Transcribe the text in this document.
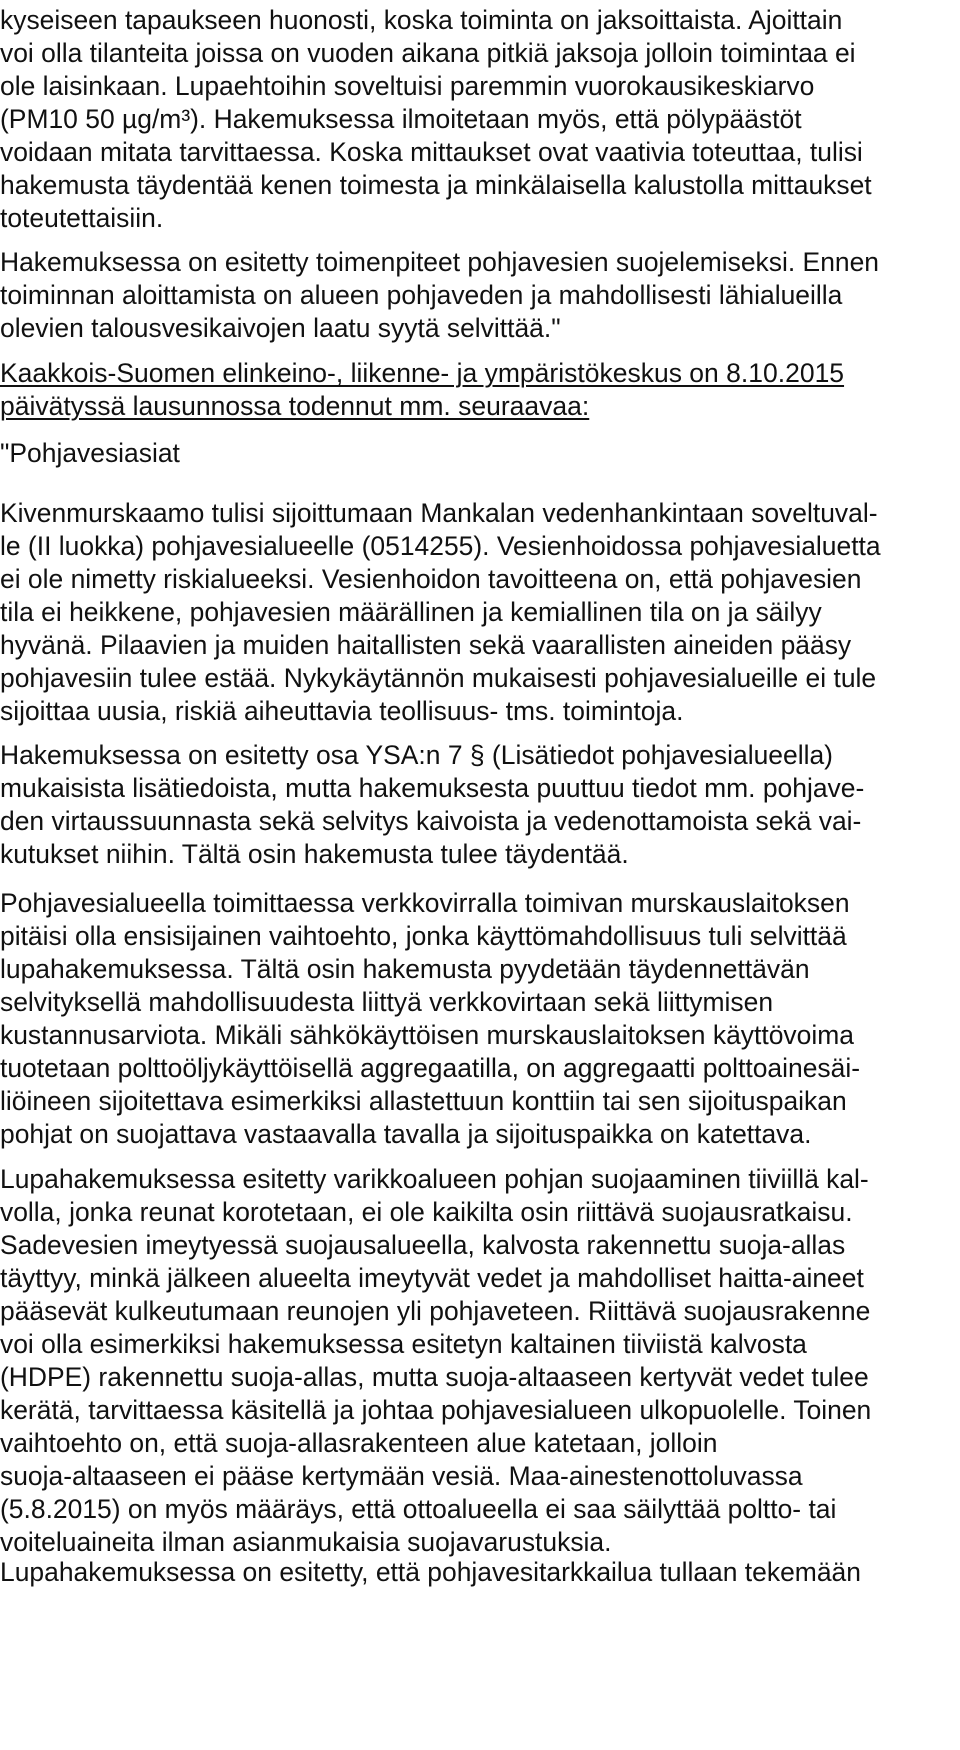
kyseiseen tapaukseen huonosti, koska toiminta on jaksoittaista. Ajoittain
voi olla tilanteita joissa on vuoden aikana pitkiä jaksoja jolloin toimintaa ei
ole laisinkaan. Lupaehtoihin soveltuisi paremmin vuorokausikeskiarvo
(PM10 50 µg/m³). Hakemuksessa ilmoitetaan myös, että pölypäästöt
voidaan mitata tarvittaessa. Koska mittaukset ovat vaativia toteuttaa, tulisi
hakemusta täydentää kenen toimesta ja minkälaisella kalustolla mittaukset
toteutettaisiin.
Hakemuksessa on esitetty toimenpiteet pohjavesien suojelemiseksi. Ennen
toiminnan aloittamista on alueen pohjaveden ja mahdollisesti lähialueilla
olevien talousvesikaivojen laatu syytä selvittää."
Kaakkois-Suomen elinkeino-, liikenne- ja ympäristökeskus on 8.10.2015
päivätyssä lausunnossa todennut mm. seuraavaa:
"Pohjavesiasiat
Kivenmurskaamo tulisi sijoittumaan Mankalan vedenhankintaan soveltuval-
le (II luokka) pohjavesialueelle (0514255). Vesienhoidossa pohjavesialuetta
ei ole nimetty riskialueeksi. Vesienhoidon tavoitteena on, että pohjavesien
tila ei heikkene, pohjavesien määrällinen ja kemiallinen tila on ja säilyy
hyvänä. Pilaavien ja muiden haitallisten sekä vaarallisten aineiden pääsy
pohjavesiin tulee estää. Nykykäytännön mukaisesti pohjavesialueille ei tule
sijoittaa uusia, riskiä aiheuttavia teollisuus- tms. toimintoja.
Hakemuksessa on esitetty osa YSA:n 7 § (Lisätiedot pohjavesialueella)
mukaisista lisätiedoista, mutta hakemuksesta puuttuu tiedot mm. pohjave-
den virtaussuunnasta sekä selvitys kaivoista ja vedenottamoista sekä vai-
kutukset niihin. Tältä osin hakemusta tulee täydentää.
Pohjavesialueella toimittaessa verkkovirralla toimivan murskauslaitoksen
pitäisi olla ensisijainen vaihtoehto, jonka käyttömahdollisuus tuli selvittää
lupahakemuksessa. Tältä osin hakemusta pyydetään täydennettävän
selvityksellä mahdollisuudesta liittyä verkkovirtaan sekä liittymisen
kustannusarviota. Mikäli sähkökäyttöisen murskauslaitoksen käyttövoima
tuotetaan polttoöljykäyttöisellä aggregaatilla, on aggregaatti polttoainesäi-
liöineen sijoitettava esimerkiksi allastettuun konttiin tai sen sijoituspaikan
pohjat on suojattava vastaavalla tavalla ja sijoituspaikka on katettava.
Lupahakemuksessa esitetty varikkoalueen pohjan suojaaminen tiiviillä kal-
volla, jonka reunat korotetaan, ei ole kaikilta osin riittävä suojausratkaisu.
Sadevesien imeytyessä suojausalueella, kalvosta rakennettu suoja-allas
täyttyy, minkä jälkeen alueelta imeytyvät vedet ja mahdolliset haitta-aineet
pääsevät kulkeutumaan reunojen yli pohjaveteen. Riittävä suojausrakenne
voi olla esimerkiksi hakemuksessa esitetyn kaltainen tiiviistä kalvosta
(HDPE) rakennettu suoja-allas, mutta suoja-altaaseen kertyvät vedet tulee
kerätä, tarvittaessa käsitellä ja johtaa pohjavesialueen ulkopuolelle. Toinen
vaihtoehto on, että suoja-allasrakenteen alue katetaan, jolloin
suoja-altaaseen ei pääse kertymään vesiä. Maa-ainestenottoluvassa
(5.8.2015) on myös määräys, että ottoalueella ei saa säilyttää poltto- tai
voiteluaineita ilman asianmukaisia suojavarustuksia.
Lupahakemuksessa on esitetty, että pohjavesitarkkailua tullaan tekemään
